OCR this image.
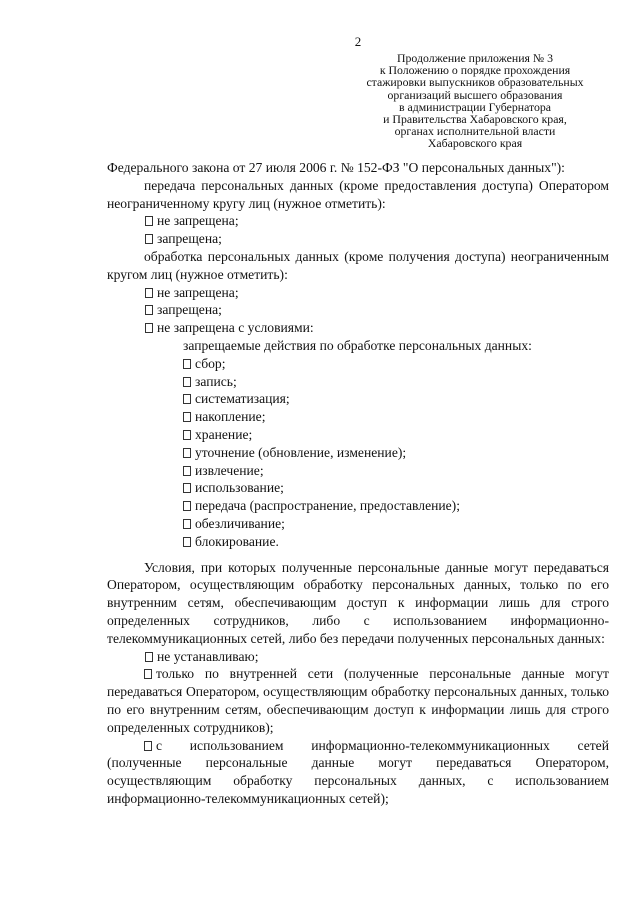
2
Продолжение приложения № 3
к Положению о порядке прохождения
стажировки выпускников образовательных
организаций высшего образования
в администрации Губернатора
и Правительства Хабаровского края,
органах исполнительной власти
Хабаровского края

Федерального закона от 27 июля 2006 г. № 152-ФЗ "О персональных данных"):

передача персональных данных (кроме предоставления доступа) Оператором неограниченному кругу лиц (нужное отметить):

не запрещена;

запрещена;

обработка персональных данных (кроме получения доступа) неограниченным кругом лиц (нужное отметить):

не запрещена;

запрещена;

не запрещена с условиями:

запрещаемые действия по обработке персональных данных:

сбор;

запись;

систематизация;

накопление;

хранение;

уточнение (обновление, изменение);

извлечение;

использование;

передача (распространение, предоставление);

обезличивание;

блокирование.

Условия, при которых полученные персональные данные могут передаваться Оператором, осуществляющим обработку персональных данных, только по его внутренним сетям, обеспечивающим доступ к информации лишь для строго определенных сотрудников, либо с использованием информационно-телекоммуникационных сетей, либо без передачи полученных персональных данных:

не устанавливаю;

только по внутренней сети (полученные персональные данные могут передаваться Оператором, осуществляющим обработку персональных данных, только по его внутренним сетям, обеспечивающим доступ к информации лишь для строго определенных сотрудников);

с использованием информационно-телекоммуникационных сетей (полученные персональные данные могут передаваться Оператором, осуществляющим обработку персональных данных, с использованием информационно-телекоммуникационных сетей);
